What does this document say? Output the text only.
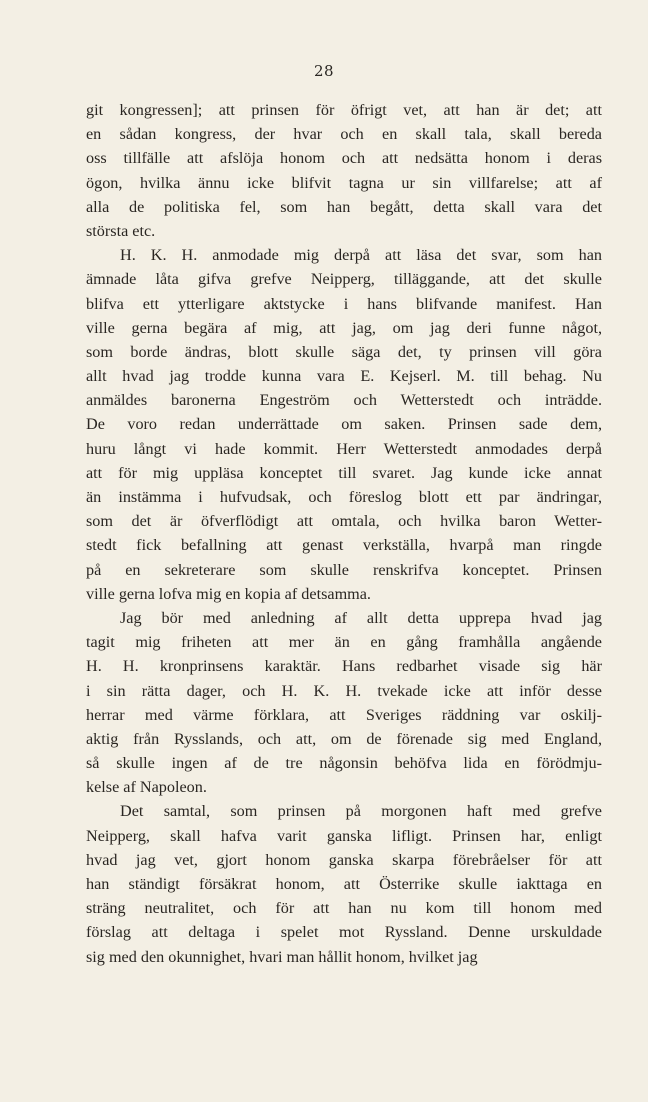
28
git kongressen]; att prinsen för öfrigt vet, att han är det; att
en sådan kongress, der hvar och en skall tala, skall bereda
oss tillfälle att afslöja honom och att nedsätta honom i deras
ögon, hvilka ännu icke blifvit tagna ur sin villfarelse; att af
alla de politiska fel, som han begått, detta skall vara det
största etc.
H. K. H. anmodade mig derpå att läsa det svar, som han
ämnade låta gifva grefve Neipperg, tilläggande, att det skulle
blifva ett ytterligare aktstycke i hans blifvande manifest. Han
ville gerna begära af mig, att jag, om jag deri funne något,
som borde ändras, blott skulle säga det, ty prinsen vill göra
allt hvad jag trodde kunna vara E. Kejserl. M. till behag. Nu
anmäldes baronerna Engeström och Wetterstedt och inträdde.
De voro redan underrättade om saken. Prinsen sade dem,
huru långt vi hade kommit. Herr Wetterstedt anmodades derpå
att för mig uppläsa konceptet till svaret. Jag kunde icke annat
än instämma i hufvudsak, och föreslog blott ett par ändringar,
som det är öfverflödigt att omtala, och hvilka baron Wetter-
stedt fick befallning att genast verkställa, hvarpå man ringde
på en sekreterare som skulle renskrifva konceptet. Prinsen
ville gerna lofva mig en kopia af detsamma.
Jag bör med anledning af allt detta upprepa hvad jag
tagit mig friheten att mer än en gång framhålla angående
H. H. kronprinsens karaktär. Hans redbarhet visade sig här
i sin rätta dager, och H. K. H. tvekade icke att inför desse
herrar med värme förklara, att Sveriges räddning var oskilj-
aktig från Rysslands, och att, om de förenade sig med England,
så skulle ingen af de tre någonsin behöfva lida en förödmju-
kelse af Napoleon.
Det samtal, som prinsen på morgonen haft med grefve
Neipperg, skall hafva varit ganska lifligt. Prinsen har, enligt
hvad jag vet, gjort honom ganska skarpa förebråelser för att
han ständigt försäkrat honom, att Österrike skulle iakttaga en
sträng neutralitet, och för att han nu kom till honom med
förslag att deltaga i spelet mot Ryssland. Denne urskuldade
sig med den okunnighet, hvari man hållit honom, hvilket jag
